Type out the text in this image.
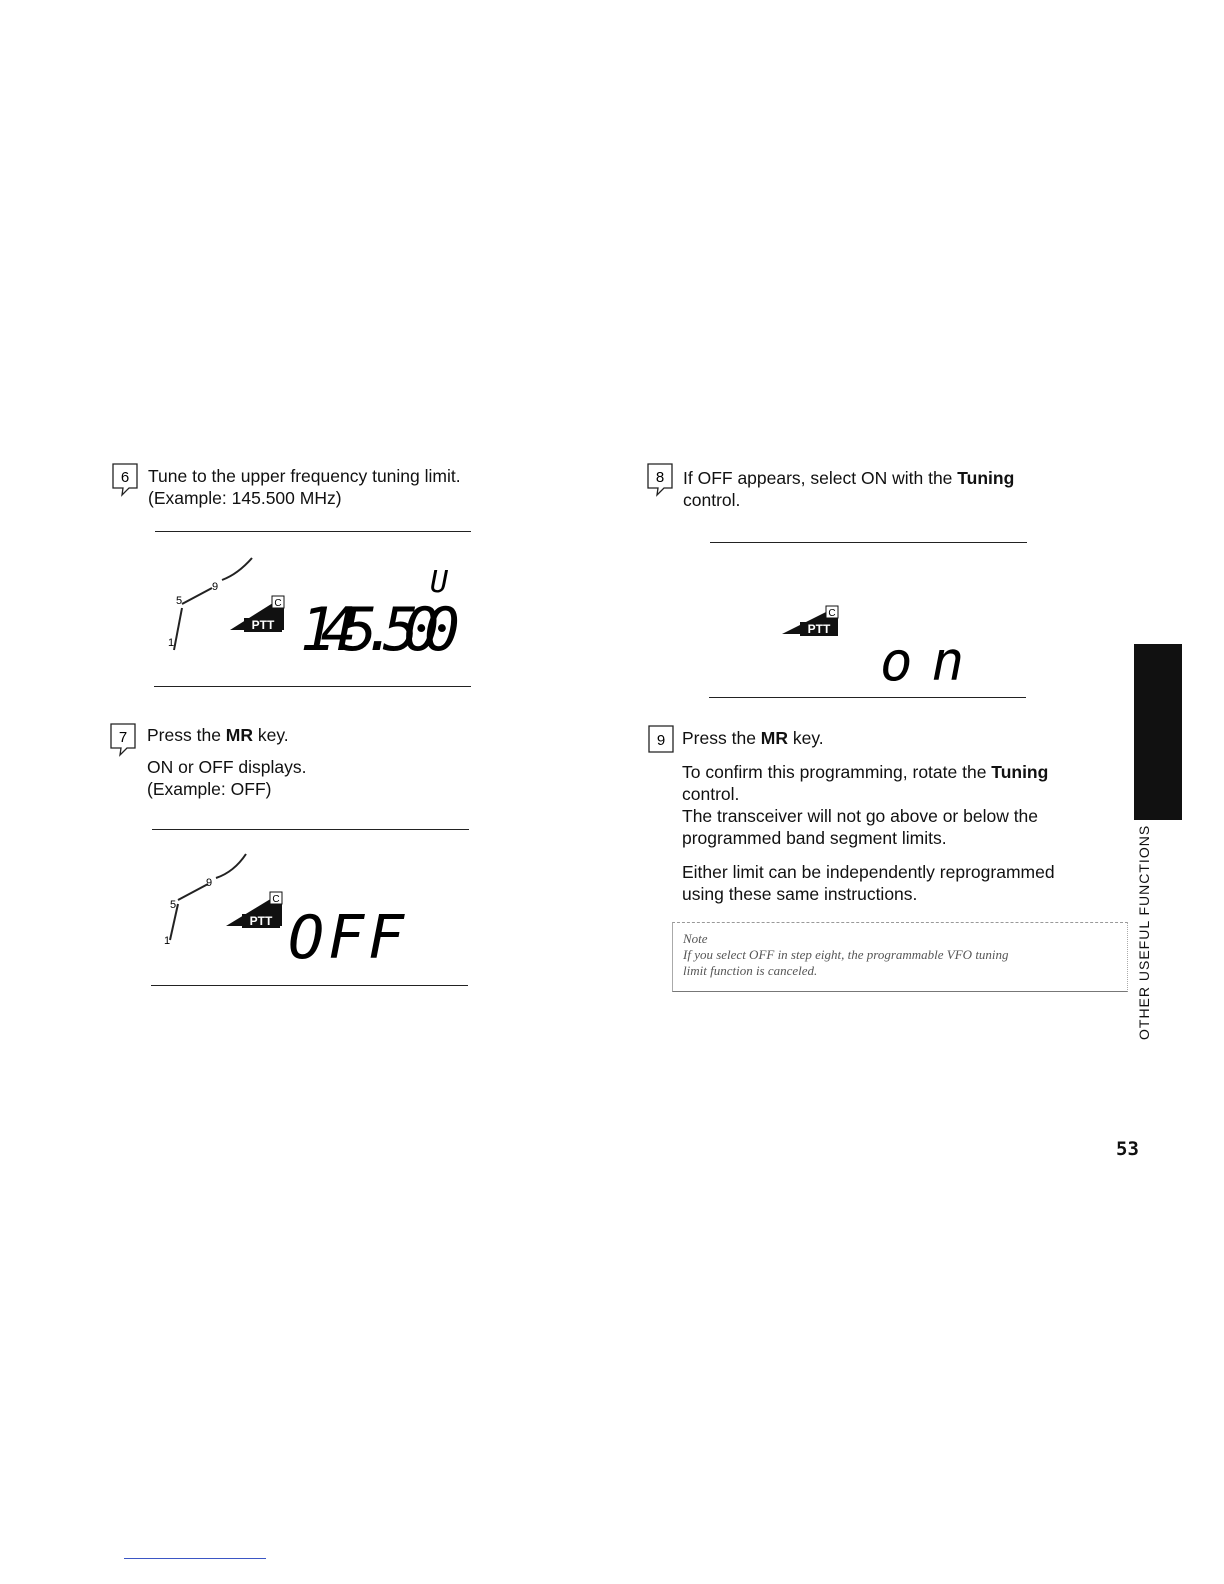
6 Tune to the upper frequency tuning limit.
(Example: 145.500 MHz)
1
5
9
PTT
C
U
145.500
7 Press the MR key.
ON or OFF displays.
(Example: OFF)
1
5
9
PTT
C
OFF
8 If OFF appears, select ON with the Tuning
control.
PTT
C
on
9 Press the MR key.
To confirm this programming, rotate the Tuning
control.
The transceiver will not go above or below the
programmed band segment limits.
Either limit can be independently reprogrammed
using these same instructions.

Note

If you select OFF in step eight, the programmable VFO tuning

limit function is canceled.	OTHER USEFUL FUNCTIONS
53
